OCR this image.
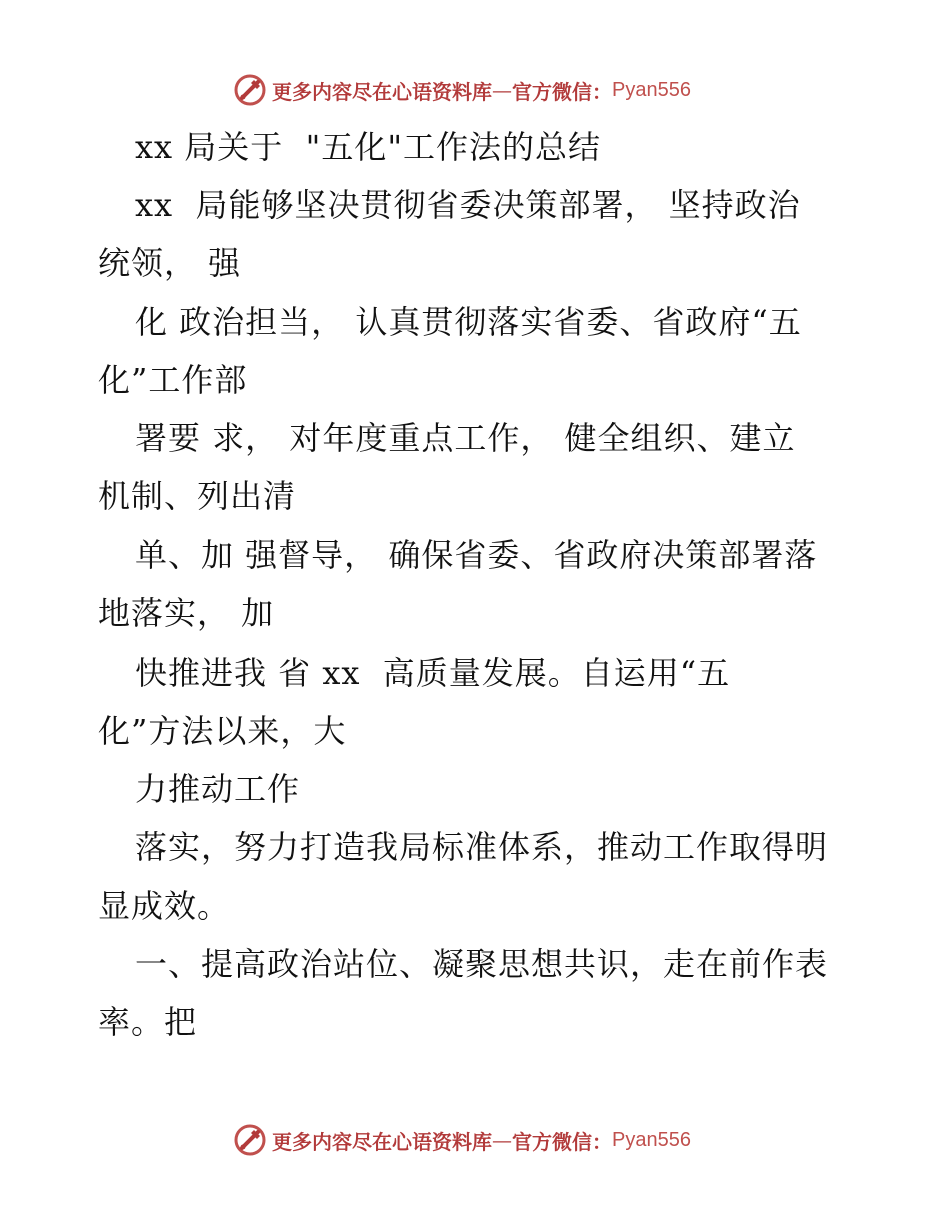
更多内容尽在心语资料库 — 官方微信： Pyan556
xx 局关于  "五化"工作法的总结
xx  局能够坚决贯彻省委决策部署， 坚持政治
统领， 强
化 政治担当， 认真贯彻落实省委、省政府“五
化”工作部
署要 求， 对年度重点工作， 健全组织、建立
机制、列出清
单、加 强督导， 确保省委、省政府决策部署落
地落实， 加
快推进我 省 xx  高质量发展。自运用“五
化”方法以来，大
力推动工作
落实，努力打造我局标准体系，推动工作取得明
显成效。
一、提高政治站位、凝聚思想共识，走在前作表
率。把
更多内容尽在心语资料库 — 官方微信： Pyan556
